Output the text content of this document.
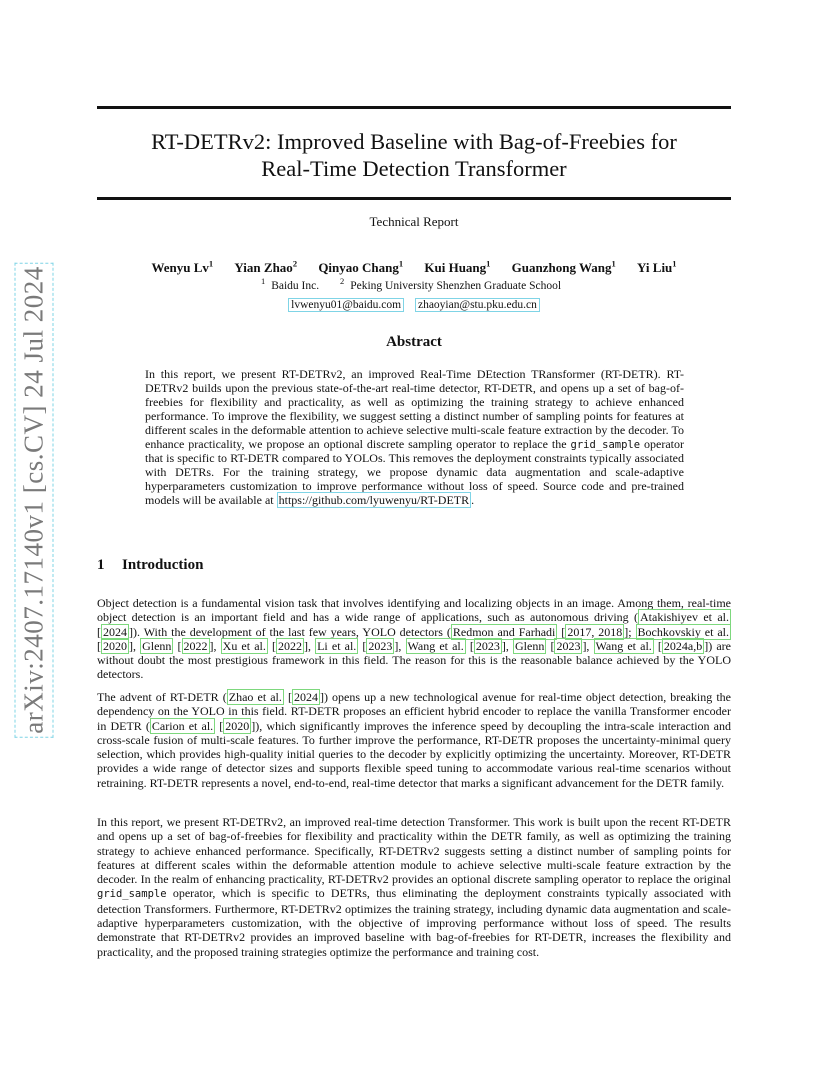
arXiv:2407.17140v1 [cs.CV] 24 Jul 2024
RT-DETRv2: Improved Baseline with Bag-of-Freebies for
Real-Time Detection Transformer
Technical Report
Wenyu Lv$^1$ Yian Zhao$^2$ Qinyao Chang$^1$ Kui Huang$^1$ Guanzhong Wang$^1$ Yi Liu$^1$
$^1$ Baidu Inc. $^2$ Peking University Shenzhen Graduate School
lvwenyu01@baidu.com zhaoyian@stu.pku.edu.cn
Abstract
In this report, we present RT-DETRv2, an improved Real-Time DEtection TRansformer (RT-DETR). RT-DETRv2 builds upon the previous state-of-the-art real-time detector, RT-DETR, and opens up a set of bag-of-freebies for flexibility and practicality, as well as optimizing the training strategy to achieve enhanced performance. To improve the flexibility, we suggest setting a distinct number of sampling points for features at different scales in the deformable attention to achieve selective multi-scale feature extraction by the decoder. To enhance practicality, we propose an optional discrete sampling operator to replace the grid_sample operator that is specific to RT-DETR compared to YOLOs. This removes the deployment constraints typically associated with DETRs. For the training strategy, we propose dynamic data augmentation and scale-adaptive hyperparameters customization to improve performance without loss of speed. Source code and pre-trained models will be available at https://github.com/lyuwenyu/RT-DETR .
1 Introduction
Object detection is a fundamental vision task that involves identifying and localizing objects in an image. Among them, real-time object detection is an important field and has a wide range of applications, such as autonomous driving ( Atakishiyev et al. [ 2024 ]). With the development of the last few years, YOLO detectors ( Redmon and Farhadi [ 2017, 2018 ]; Bochkovskiy et al. [ 2020 ], Glenn [ 2022 ], Xu et al. [ 2022 ], Li et al. [ 2023 ], Wang et al. [ 2023 ], Glenn [ 2023 ], Wang et al. [ 2024a,b ]) are without doubt the most prestigious framework in this field. The reason for this is the reasonable balance achieved by the YOLO detectors.
The advent of RT-DETR ( Zhao et al. [ 2024 ]) opens up a new technological avenue for real-time object detection, breaking the dependency on the YOLO in this field. RT-DETR proposes an efficient hybrid encoder to replace the vanilla Transformer encoder in DETR ( Carion et al. [ 2020 ]), which significantly improves the inference speed by decoupling the intra-scale interaction and cross-scale fusion of multi-scale features. To further improve the performance, RT-DETR proposes the uncertainty-minimal query selection, which provides high-quality initial queries to the decoder by explicitly optimizing the uncertainty. Moreover, RT-DETR provides a wide range of detector sizes and supports flexible speed tuning to accommodate various real-time scenarios without retraining. RT-DETR represents a novel, end-to-end, real-time detector that marks a significant advancement for the DETR family.
In this report, we present RT-DETRv2, an improved real-time detection Transformer. This work is built upon the recent RT-DETR and opens up a set of bag-of-freebies for flexibility and practicality within the DETR family, as well as optimizing the training strategy to achieve enhanced performance. Specifically, RT-DETRv2 suggests setting a distinct number of sampling points for features at different scales within the deformable attention module to achieve selective multi-scale feature extraction by the decoder. In the realm of enhancing practicality, RT-DETRv2 provides an optional discrete sampling operator to replace the original grid_sample operator, which is specific to DETRs, thus eliminating the deployment constraints typically associated with detection Transformers. Furthermore, RT-DETRv2 optimizes the training strategy, including dynamic data augmentation and scale-adaptive hyperparameters customization, with the objective of improving performance without loss of speed. The results demonstrate that RT-DETRv2 provides an improved baseline with bag-of-freebies for RT-DETR, increases the flexibility and practicality, and the proposed training strategies optimize the performance and training cost.
